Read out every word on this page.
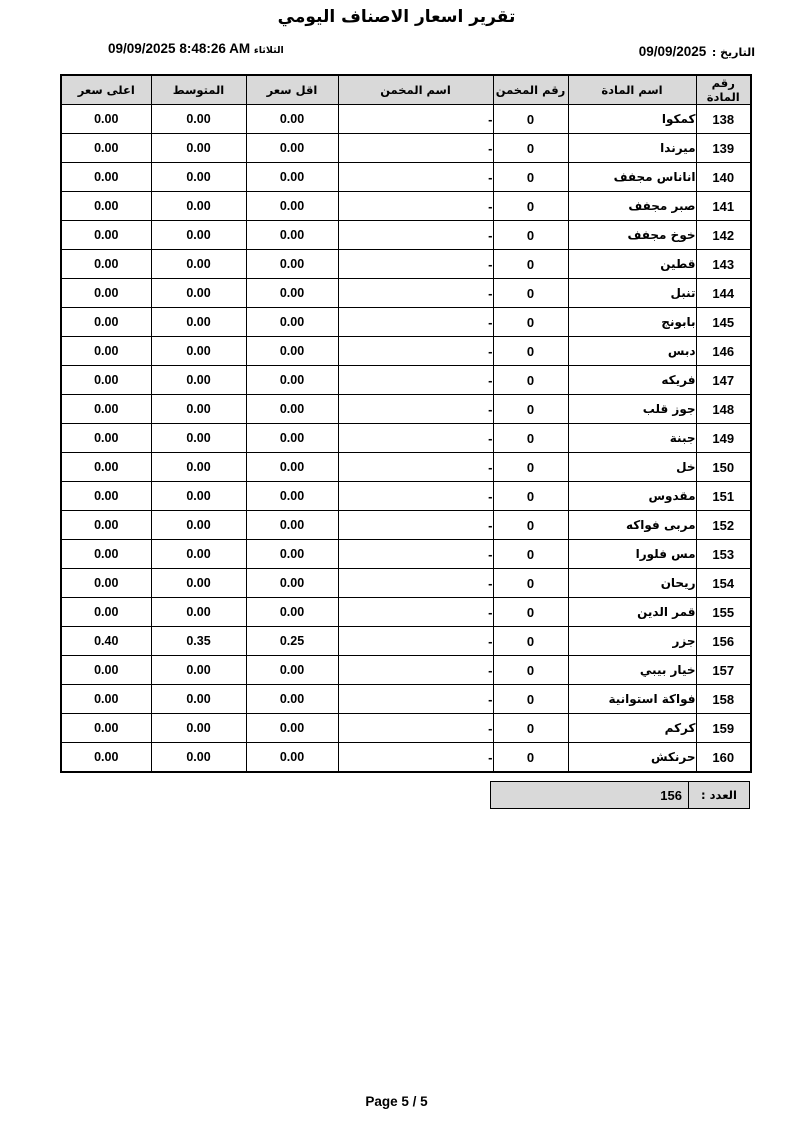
تقرير اسعار الاصناف اليومي
09/09/2025 8:48:26 AM الثلاثاء	التاريخ : 09/09/2025
رقم المادة	اسم المادة	رقم المخمن	اسم المخمن	اقل سعر	المتوسط	اعلى سعر
138	كمكوا	0	-	0.00	0.00	0.00
139	ميرندا	0	-	0.00	0.00	0.00
140	اناناس مجفف	0	-	0.00	0.00	0.00
141	صبر مجفف	0	-	0.00	0.00	0.00
142	خوخ مجفف	0	-	0.00	0.00	0.00
143	قطين	0	-	0.00	0.00	0.00
144	تنبل	0	-	0.00	0.00	0.00
145	بابونج	0	-	0.00	0.00	0.00
146	دبس	0	-	0.00	0.00	0.00
147	فريكه	0	-	0.00	0.00	0.00
148	جوز قلب	0	-	0.00	0.00	0.00
149	جبنة	0	-	0.00	0.00	0.00
150	خل	0	-	0.00	0.00	0.00
151	مقدوس	0	-	0.00	0.00	0.00
152	مربى فواكه	0	-	0.00	0.00	0.00
153	مس فلورا	0	-	0.00	0.00	0.00
154	ريحان	0	-	0.00	0.00	0.00
155	قمر الدين	0	-	0.00	0.00	0.00
156	جزر	0	-	0.25	0.35	0.40
157	خيار بيبي	0	-	0.00	0.00	0.00
158	فواكة استوانية	0	-	0.00	0.00	0.00
159	كركم	0	-	0.00	0.00	0.00
160	حرنكش	0	-	0.00	0.00	0.00
العدد :
156
Page 5 / 5
